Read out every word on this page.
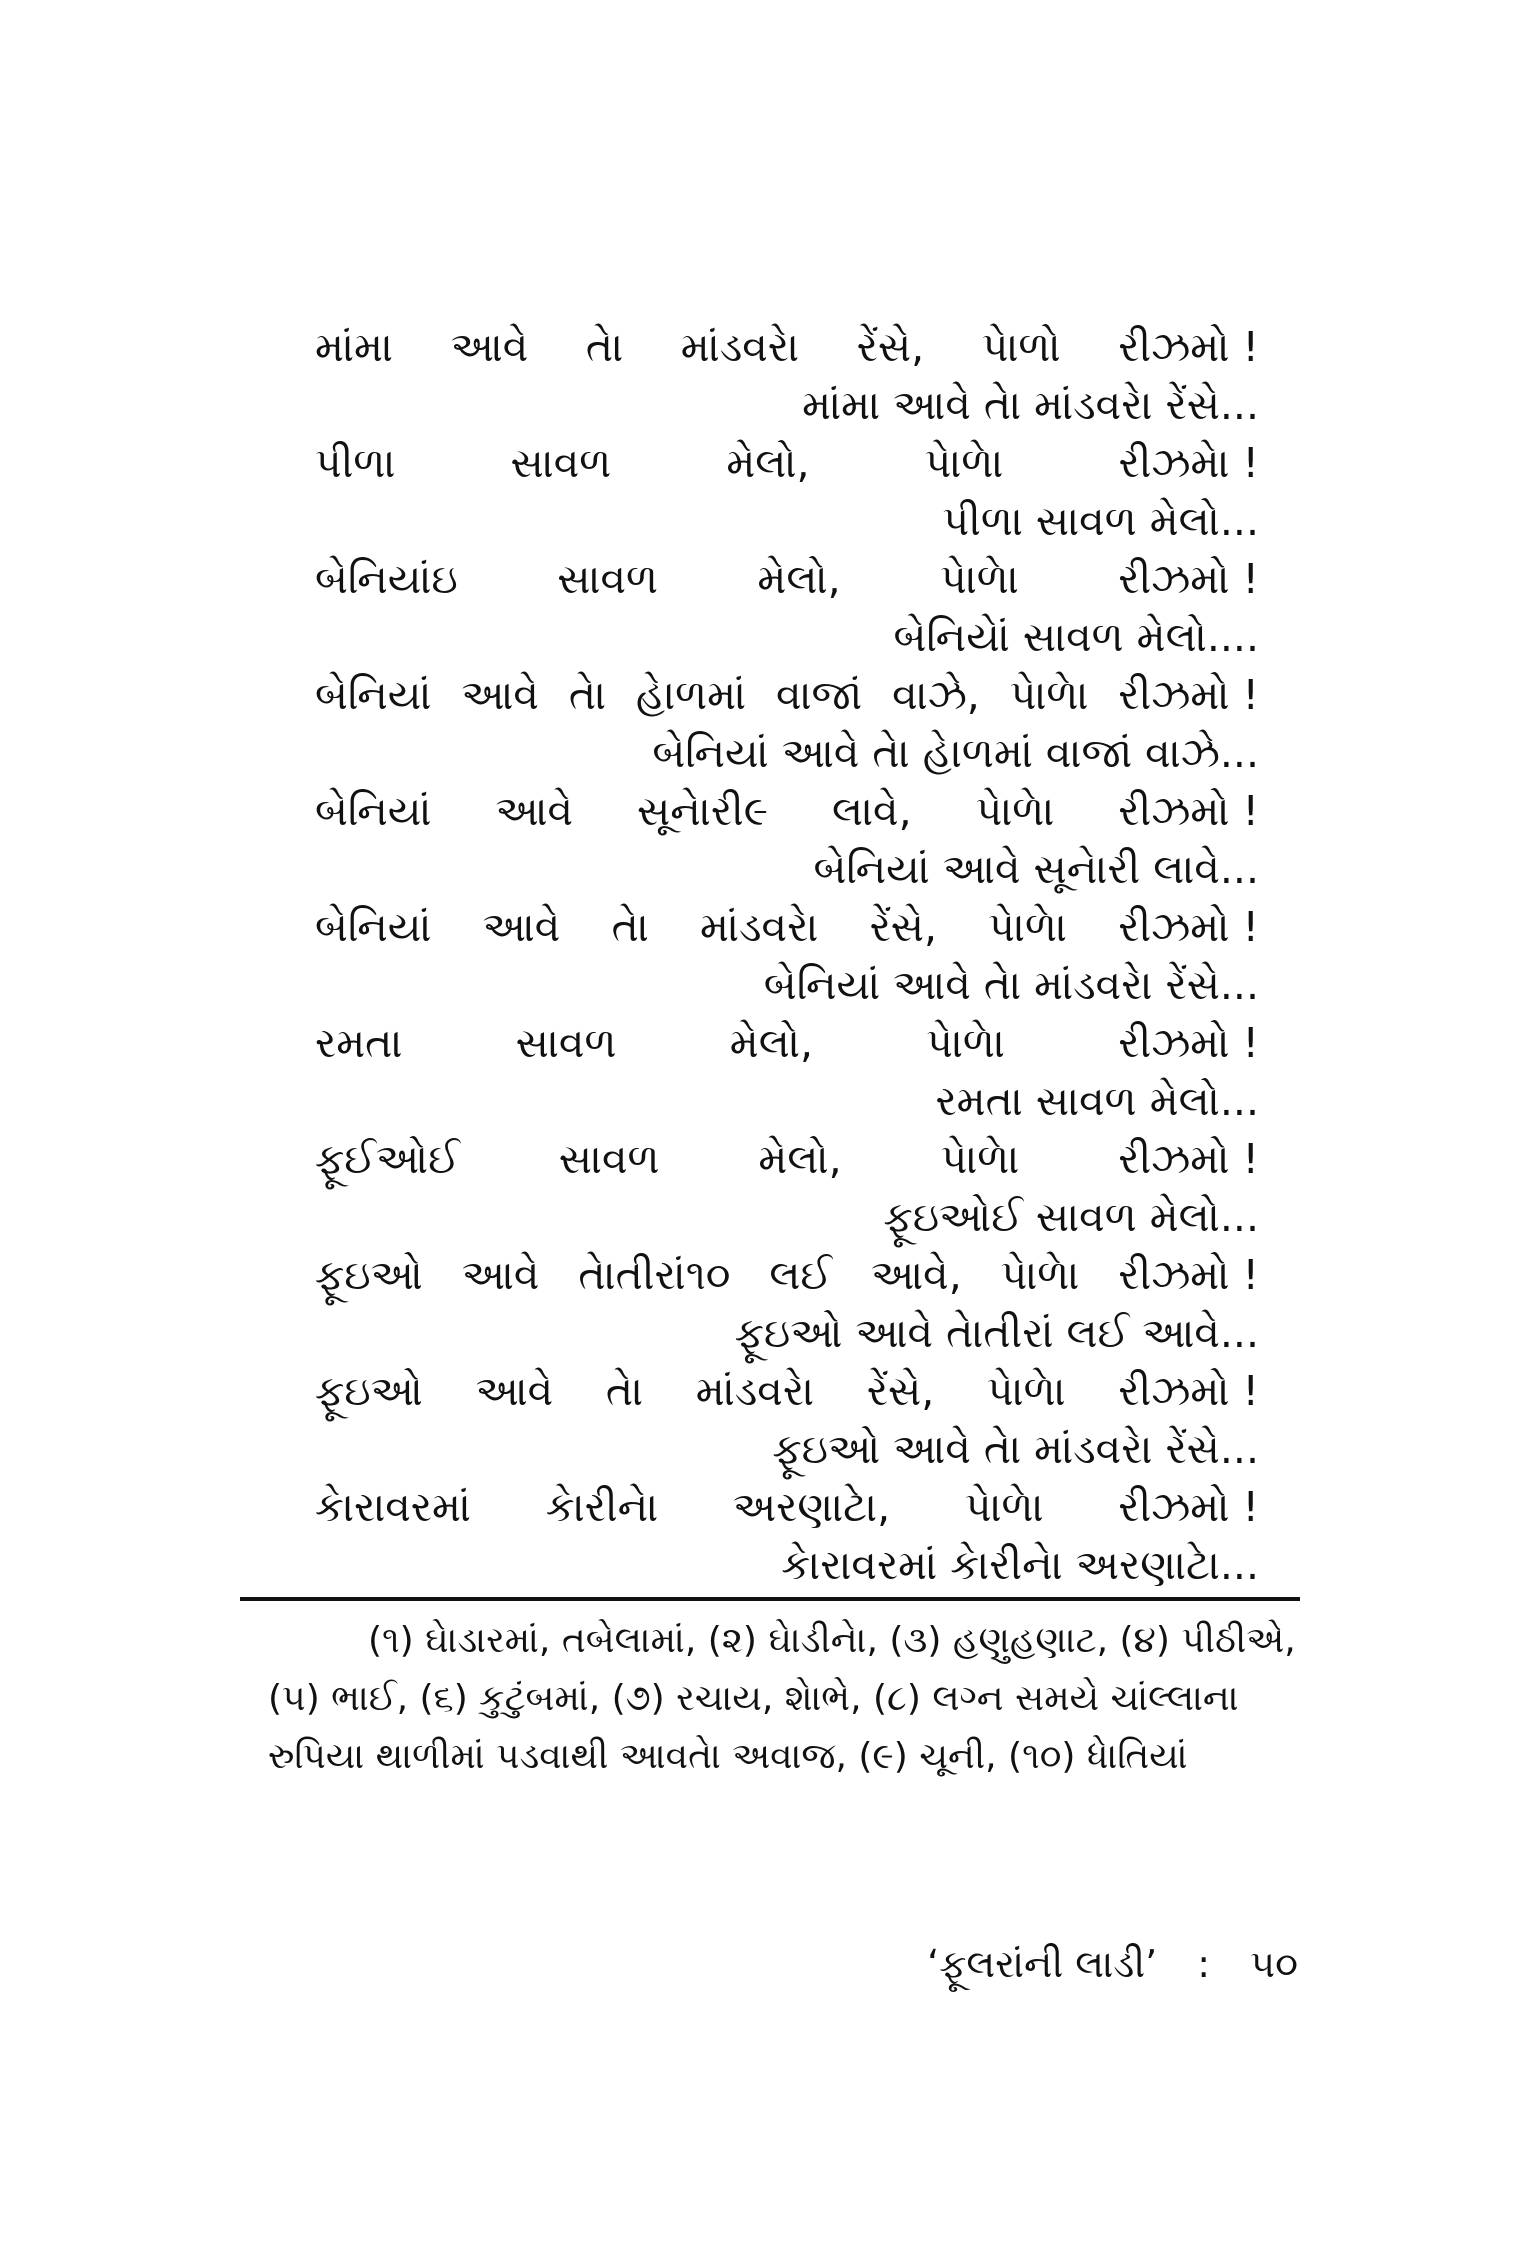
માંમા આવે તેા માંડવરેા રેંસે, પેાળો રીઝમો !
માંમા આવે તેા માંડવરેા રેંસે...
પીળા	સાવળ	મેલો,	પેાળેા	રીઝમેા !
પીળા સાવળ મેલો...
બેનિયાંઇ સાવળ મેલો, પેાળેા રીઝમો !
બેનિયેાં સાવળ મેલો....
બેનિયાં આવે તેા હેાળમાં વાજાં વાઝે, પેાળેા રીઝમો !
બેનિયાં આવે તેા હેાળમાં વાજાં વાઝે...
બેનિયાં આવે સૂનેારી૯ લાવે, પેાળેા રીઝમો !
બેનિયાં આવે સૂનેારી લાવે...
બેનિયાં આવે તેા માંડવરેા રેંસે, પેાળેા રીઝમો !
બેનિયાં આવે તેા માંડવરેા રેંસે...
રમતા	સાવળ	મેલો,	પેાળેા	રીઝમો !
રમતા સાવળ મેલો...
ફૂઈઓઈ સાવળ મેલો, પેાળેા રીઝમો !
ફૂઇઓઈ સાવળ મેલો...
ફૂઇઓ આવે તેાતીરાં૧૦ લઈ આવે, પેાળેા રીઝમો !
ફૂઇઓ આવે તેાતીરાં લઈ આવે...
ફૂઇઓ આવે તેા માંડવરેા રેંસે, પેાળેા રીઝમો !
ફૂઇઓ આવે તેા માંડવરેા રેંસે...
કેારાવરમાં કેારીનેા અરણાટેા, પેાળેા રીઝમો !
કેારાવરમાં કેારીનેા અરણાટેા...
(૧) ઘેાડારમાં, તબેલામાં, (૨) ઘેાડીનેા, (૩) હણુહણાટ, (૪) પીઠીએ, (૫) ભાઈ, (૬) કુટુંબમાં, (૭) રચાય, શેાભે, (૮) લગ્ન સમયે ચાંલ્લાના રુપિયા થાળીમાં પડવાથી આવતેા અવાજ, (૯) ચૂની, (૧૦) ધેાતિયાં
‘ફૂલરાંની લાડી’ : ૫૦
